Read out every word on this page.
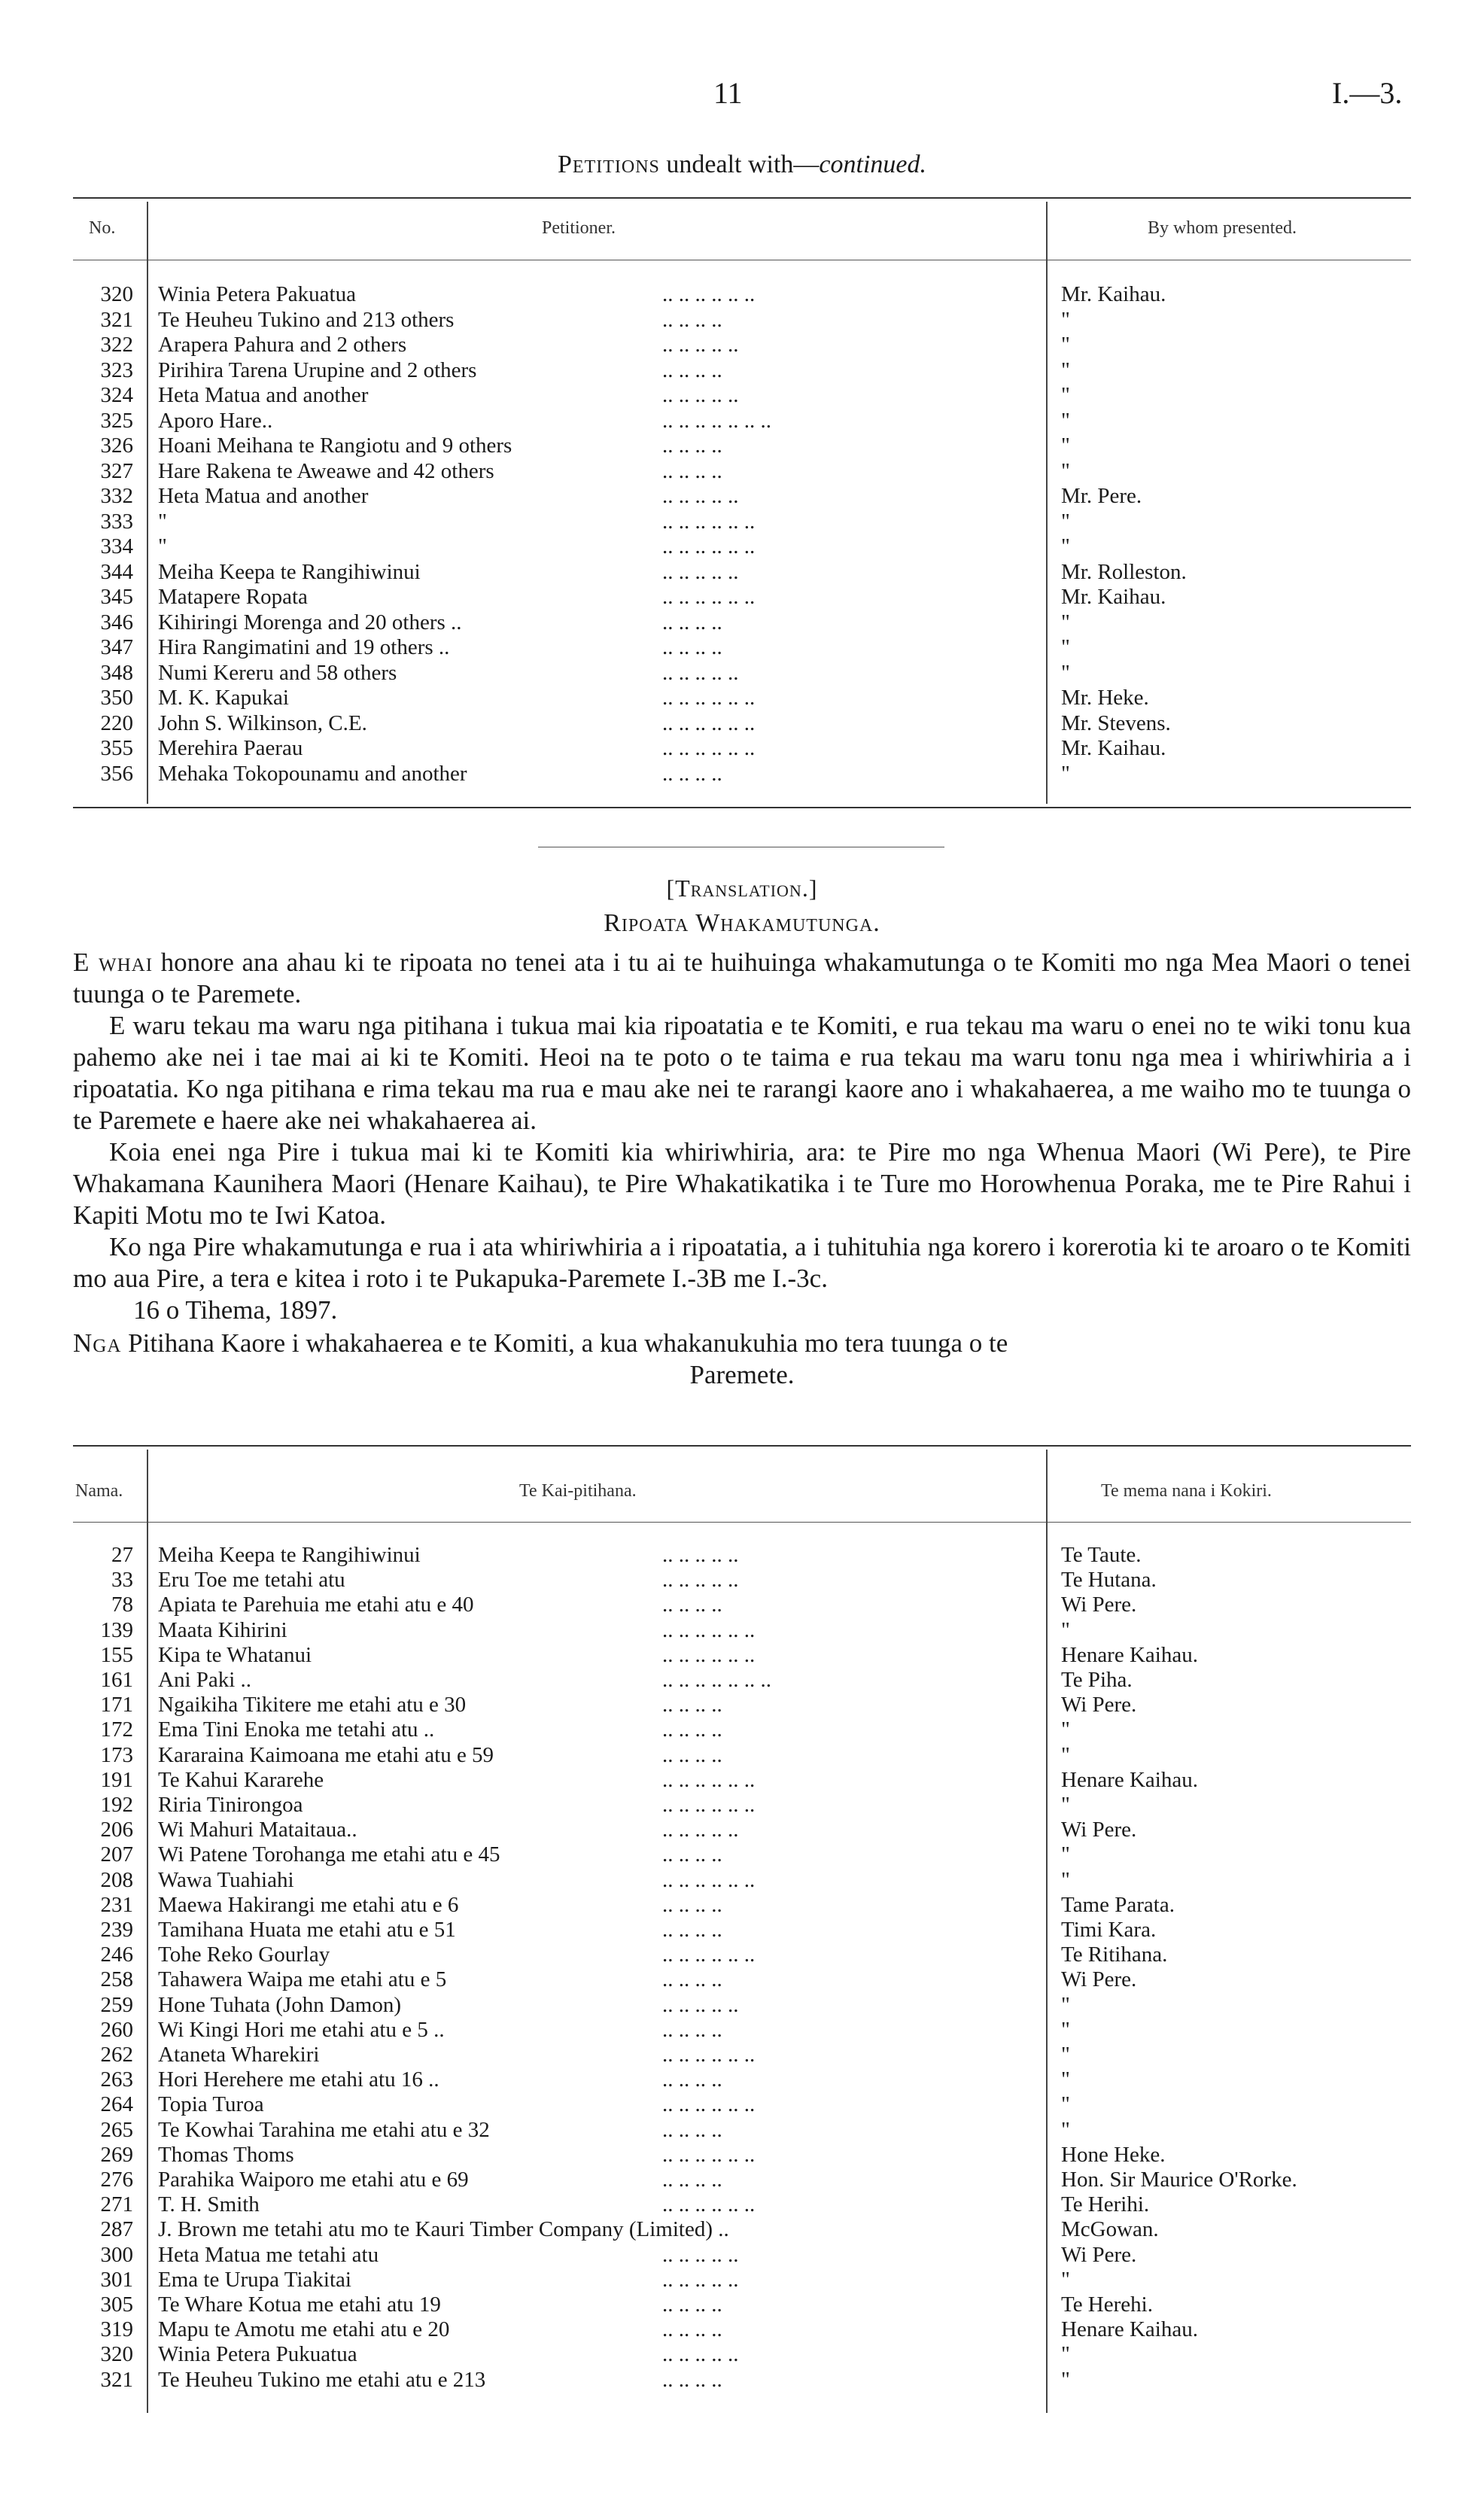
11	I.—3.
Petitions undealt with—continued.
No.	Petitioner.	By whom presented.
320 Winia Petera Pakuatua	.. .. .. .. .. ..	Mr. Kaihau.
321 Te Heuheu Tukino and 213 others	.. .. .. ..	"
322 Arapera Pahura and 2 others	.. .. .. .. ..	"
323 Pirihira Tarena Urupine and 2 others	.. .. .. ..	"
324 Heta Matua and another	.. .. .. .. ..	"
325 Aporo Hare..	.. .. .. .. .. .. ..	"
326 Hoani Meihana te Rangiotu and 9 others	.. .. .. ..	"
327 Hare Rakena te Aweawe and 42 others	.. .. .. ..	"
332 Heta Matua and another	.. .. .. .. ..	Mr. Pere.
333 "	.. .. .. .. .. ..	"
334 "	.. .. .. .. .. ..	"
344 Meiha Keepa te Rangihiwinui	.. .. .. .. ..	Mr. Rolleston.
345 Matapere Ropata	.. .. .. .. .. ..	Mr. Kaihau.
346 Kihiringi Morenga and 20 others ..	.. .. .. ..	"
347 Hira Rangimatini and 19 others ..	.. .. .. ..	"
348 Numi Kereru and 58 others	.. .. .. .. ..	"
350 M. K. Kapukai	.. .. .. .. .. ..	Mr. Heke.
220 John S. Wilkinson, C.E.	.. .. .. .. .. ..	Mr. Stevens.
355 Merehira Paerau	.. .. .. .. .. ..	Mr. Kaihau.
356 Mehaka Tokopounamu and another	.. .. .. ..	"
[Translation.]
Ripoata Whakamutunga.

E whai honore ana ahau ki te ripoata no tenei ata i tu ai te huihuinga whakamutunga o te Komiti mo nga Mea Maori o tenei tuunga o te Paremete.

E waru tekau ma waru nga pitihana i tukua mai kia ripoatatia e te Komiti, e rua tekau ma waru o enei no te wiki tonu kua pahemo ake nei i tae mai ai ki te Komiti. Heoi na te poto o te taima e rua tekau ma waru tonu nga mea i whiriwhiria a i ripoatatia. Ko nga pitihana e rima tekau ma rua e mau ake nei te rarangi kaore ano i whakahaerea, a me waiho mo te tuunga o te Paremete e haere ake nei whakahaerea ai.

Koia enei nga Pire i tukua mai ki te Komiti kia whiriwhiria, ara: te Pire mo nga Whenua Maori (Wi Pere), te Pire Whakamana Kaunihera Maori (Henare Kaihau), te Pire Whakatikatika i te Ture mo Horowhenua Poraka, me te Pire Rahui i Kapiti Motu mo te Iwi Katoa.

Ko nga Pire whakamutunga e rua i ata whiriwhiria a i ripoatatia, a i tuhituhia nga korero i korerotia ki te aroaro o te Komiti mo aua Pire, a tera e kitea i roto i te Pukapuka-Paremete I.-3B me I.-3c.

16 o Tihema, 1897.

Nga Pitihana Kaore i whakahaerea e te Komiti, a kua whakanukuhia mo tera tuunga o te

Paremete.

Nama.	Te Kai-pitihana.	Te mema nana i Kokiri.
27 Meiha Keepa te Rangihiwinui	.. .. .. .. ..	Te Taute.
33 Eru Toe me tetahi atu	.. .. .. .. ..	Te Hutana.
78 Apiata te Parehuia me etahi atu e 40	.. .. .. ..	Wi Pere.
139 Maata Kihirini	.. .. .. .. .. ..	"
155 Kipa te Whatanui	.. .. .. .. .. ..	Henare Kaihau.
161 Ani Paki ..	.. .. .. .. .. .. ..	Te Piha.
171 Ngaikiha Tikitere me etahi atu e 30	.. .. .. ..	Wi Pere.
172 Ema Tini Enoka me tetahi atu ..	.. .. .. ..	"
173 Kararaina Kaimoana me etahi atu e 59	.. .. .. ..	"
191 Te Kahui Kararehe	.. .. .. .. .. ..	Henare Kaihau.
192 Riria Tinirongoa	.. .. .. .. .. ..	"
206 Wi Mahuri Mataitaua..	.. .. .. .. ..	Wi Pere.
207 Wi Patene Torohanga me etahi atu e 45	.. .. .. ..	"
208 Wawa Tuahiahi	.. .. .. .. .. ..	"
231 Maewa Hakirangi me etahi atu e 6	.. .. .. ..	Tame Parata.
239 Tamihana Huata me etahi atu e 51	.. .. .. ..	Timi Kara.
246 Tohe Reko Gourlay	.. .. .. .. .. ..	Te Ritihana.
258 Tahawera Waipa me etahi atu e 5	.. .. .. ..	Wi Pere.
259 Hone Tuhata (John Damon)	.. .. .. .. ..	"
260 Wi Kingi Hori me etahi atu e 5 ..	.. .. .. ..	"
262 Ataneta Wharekiri	.. .. .. .. .. ..	"
263 Hori Herehere me etahi atu 16 ..	.. .. .. ..	"
264 Topia Turoa	.. .. .. .. .. ..	"
265 Te Kowhai Tarahina me etahi atu e 32	.. .. .. ..	"
269 Thomas Thoms	.. .. .. .. .. ..	Hone Heke.
276 Parahika Waiporo me etahi atu e 69	.. .. .. ..	Hon. Sir Maurice O'Rorke.
271 T. H. Smith	.. .. .. .. .. ..	Te Herihi.
287 J. Brown me tetahi atu mo te Kauri Timber Company (Limited) ..	McGowan.
300 Heta Matua me tetahi atu	.. .. .. .. ..	Wi Pere.
301 Ema te Urupa Tiakitai	.. .. .. .. ..	"
305 Te Whare Kotua me etahi atu 19	.. .. .. ..	Te Herehi.
319 Mapu te Amotu me etahi atu e 20	.. .. .. ..	Henare Kaihau.
320 Winia Petera Pukuatua	.. .. .. .. ..	"
321 Te Heuheu Tukino me etahi atu e 213	.. .. .. ..	"
